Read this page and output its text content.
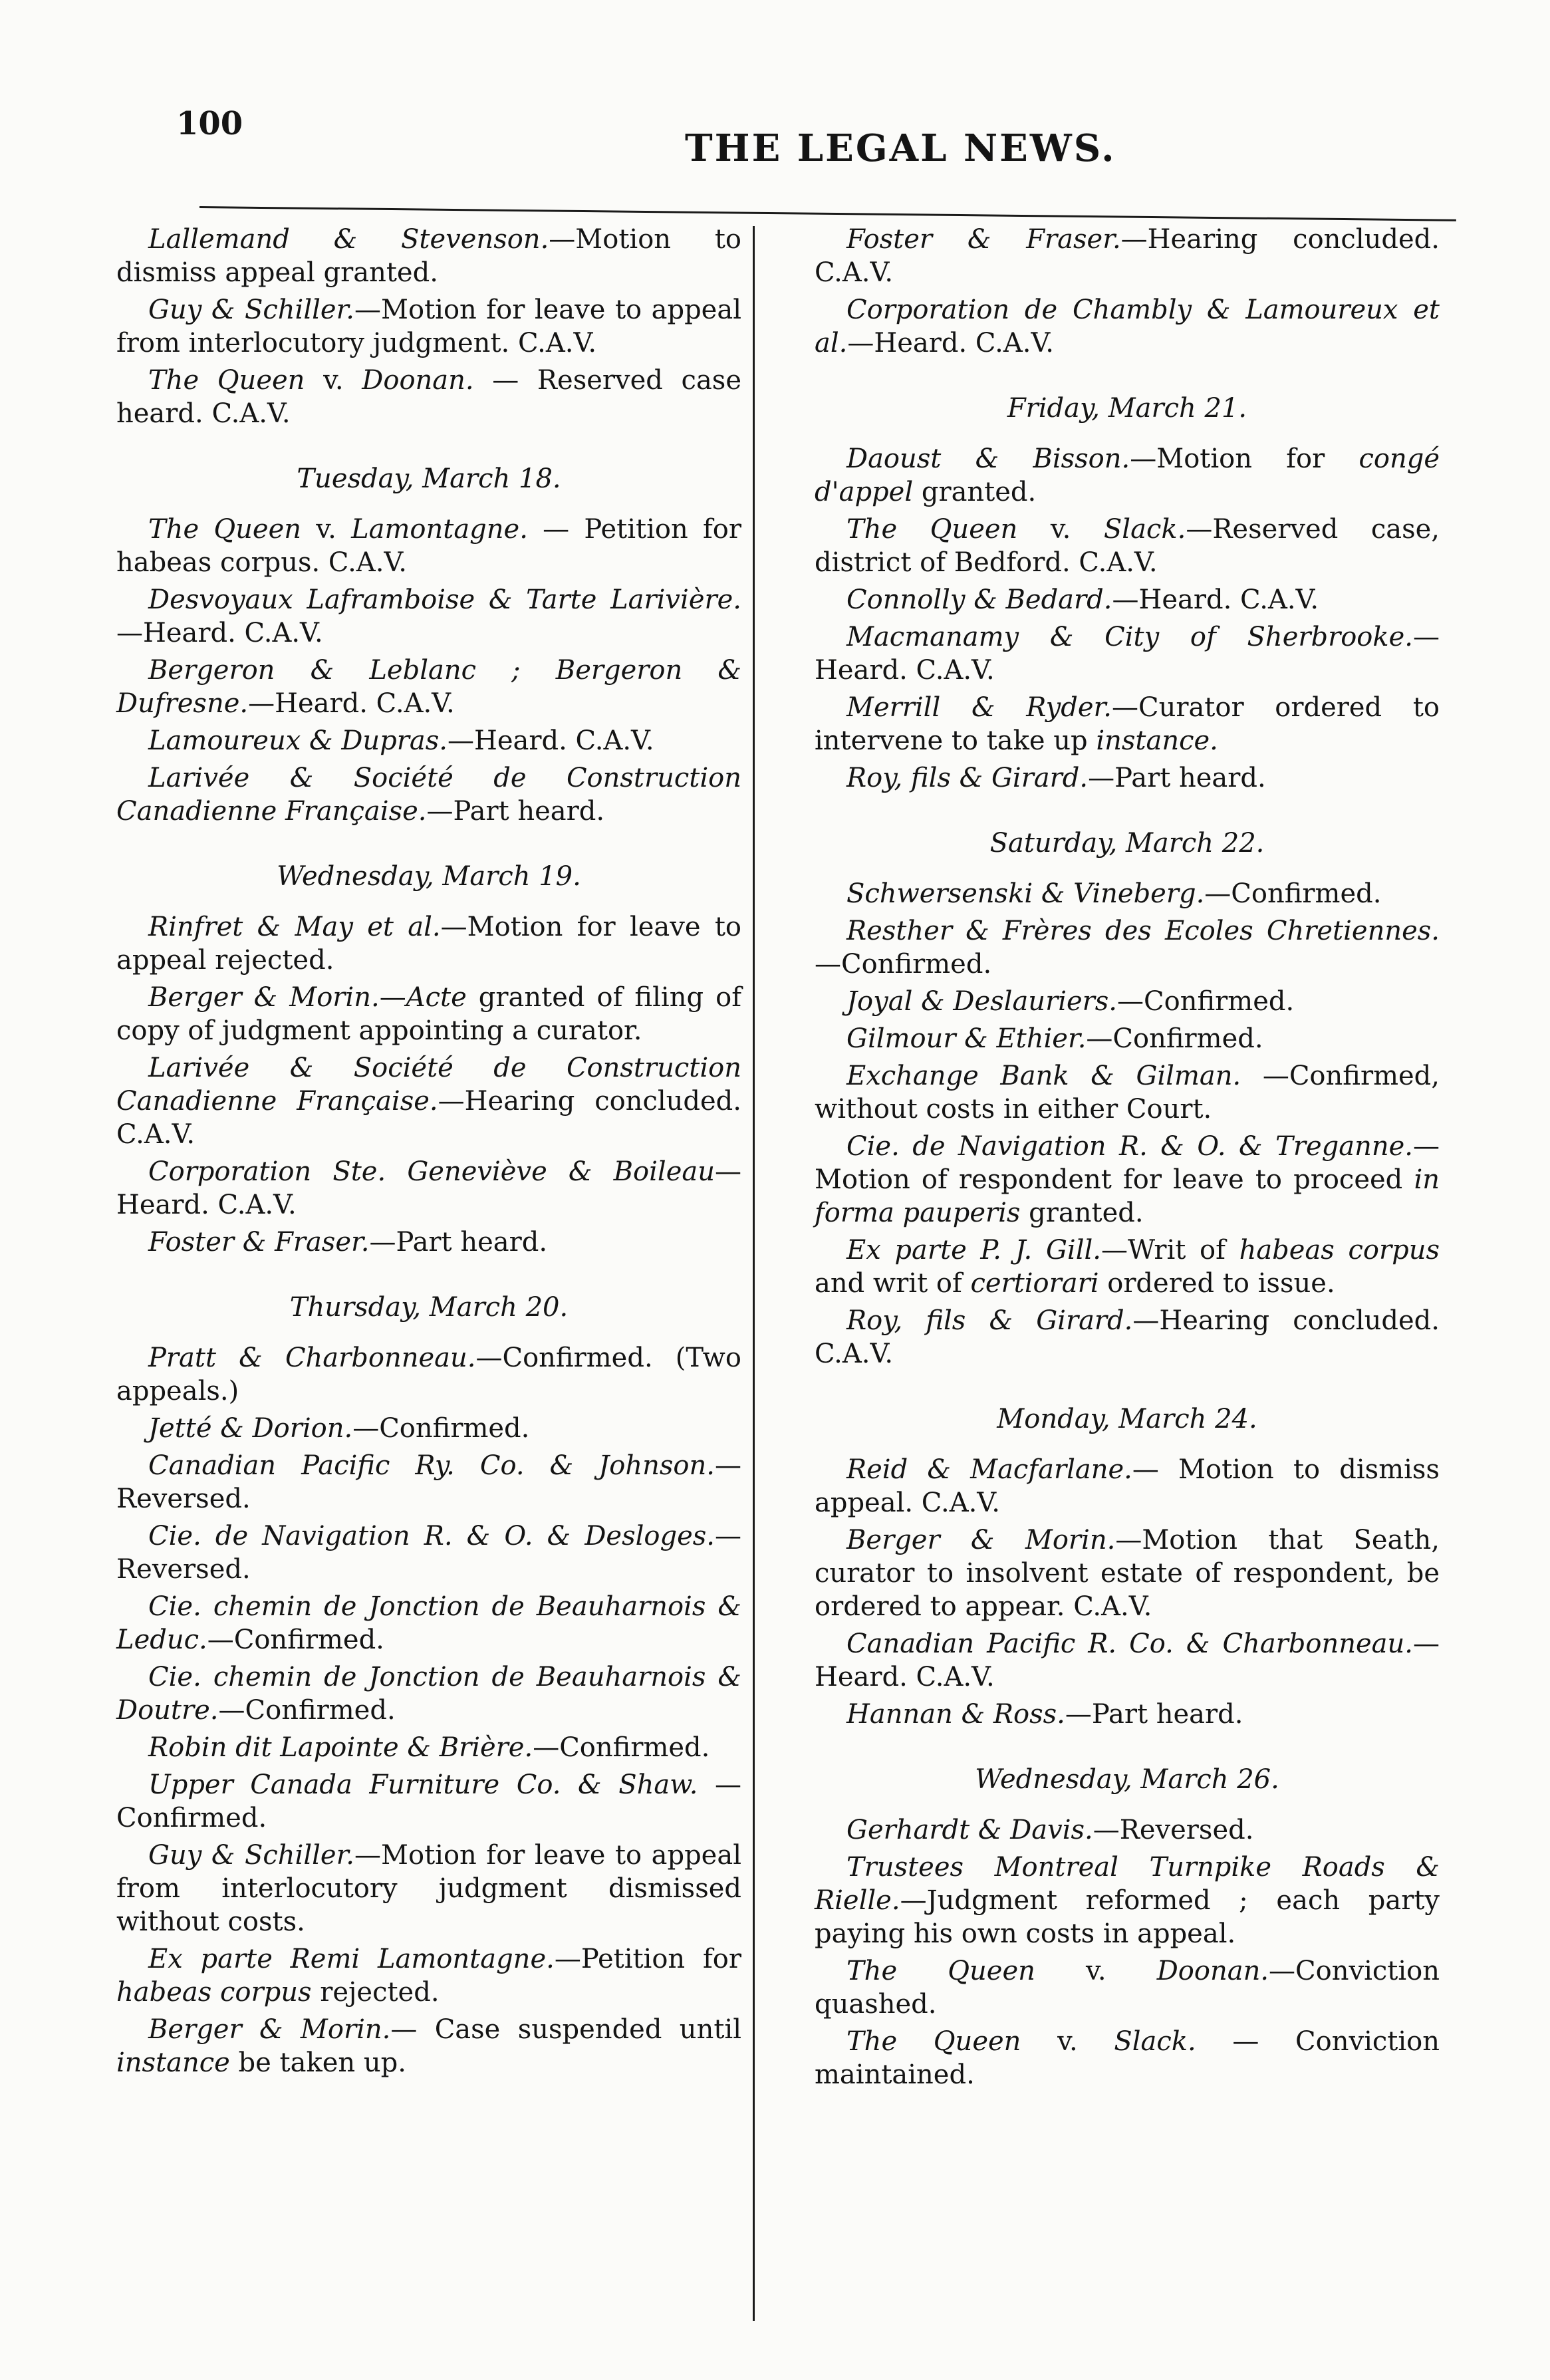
100
THE LEGAL NEWS.
Lallemand & Stevenson.—Motion to dismiss appeal granted.
Guy & Schiller.—Motion for leave to appeal from interlocutory judgment. C.A.V.
The Queen v. Doonan. — Reserved case heard. C.A.V.
Tuesday, March 18.
The Queen v. Lamontagne. — Petition for habeas corpus. C.A.V.
Desvoyaux Laframboise & Tarte Larivière.—Heard. C.A.V.
Bergeron & Leblanc ; Bergeron & Dufresne.—Heard. C.A.V.
Lamoureux & Dupras.—Heard. C.A.V.
Larivée & Société de Construction Canadienne Française.—Part heard.
Wednesday, March 19.
Rinfret & May et al.—Motion for leave to appeal rejected.
Berger & Morin.—Acte granted of filing of copy of judgment appointing a curator.
Larivée & Société de Construction Canadienne Française.—Hearing concluded. C.A.V.
Corporation Ste. Geneviève & Boileau—Heard. C.A.V.
Foster & Fraser.—Part heard.
Thursday, March 20.
Pratt & Charbonneau.—Confirmed. (Two appeals.)
Jetté & Dorion.—Confirmed.
Canadian Pacific Ry. Co. & Johnson.—Reversed.
Cie. de Navigation R. & O. & Desloges.—Reversed.
Cie. chemin de Jonction de Beauharnois & Leduc.—Confirmed.
Cie. chemin de Jonction de Beauharnois & Doutre.—Confirmed.
Robin dit Lapointe & Brière.—Confirmed.
Upper Canada Furniture Co. & Shaw. — Confirmed.
Guy & Schiller.—Motion for leave to appeal from interlocutory judgment dismissed without costs.
Ex parte Remi Lamontagne.—Petition for habeas corpus rejected.
Berger & Morin.— Case suspended until instance be taken up.
Foster & Fraser.—Hearing concluded. C.A.V.
Corporation de Chambly & Lamoureux et al.—Heard. C.A.V.
Friday, March 21.
Daoust & Bisson.—Motion for congé d'appel granted.
The Queen v. Slack.—Reserved case, district of Bedford. C.A.V.
Connolly & Bedard.—Heard. C.A.V.
Macmanamy & City of Sherbrooke.—Heard. C.A.V.
Merrill & Ryder.—Curator ordered to intervene to take up instance.
Roy, fils & Girard.—Part heard.
Saturday, March 22.
Schwersenski & Vineberg.—Confirmed.
Resther & Frères des Ecoles Chretiennes.—Confirmed.
Joyal & Deslauriers.—Confirmed.
Gilmour & Ethier.—Confirmed.
Exchange Bank & Gilman. —Confirmed, without costs in either Court.
Cie. de Navigation R. & O. & Treganne.—Motion of respondent for leave to proceed in forma pauperis granted.
Ex parte P. J. Gill.—Writ of habeas corpus and writ of certiorari ordered to issue.
Roy, fils & Girard.—Hearing concluded. C.A.V.
Monday, March 24.
Reid & Macfarlane.— Motion to dismiss appeal. C.A.V.
Berger & Morin.—Motion that Seath, curator to insolvent estate of respondent, be ordered to appear. C.A.V.
Canadian Pacific R. Co. & Charbonneau.—Heard. C.A.V.
Hannan & Ross.—Part heard.
Wednesday, March 26.
Gerhardt & Davis.—Reversed.
Trustees Montreal Turnpike Roads & Rielle.—Judgment reformed ; each party paying his own costs in appeal.
The Queen v. Doonan.—Conviction quashed.
The Queen v. Slack. — Conviction maintained.
